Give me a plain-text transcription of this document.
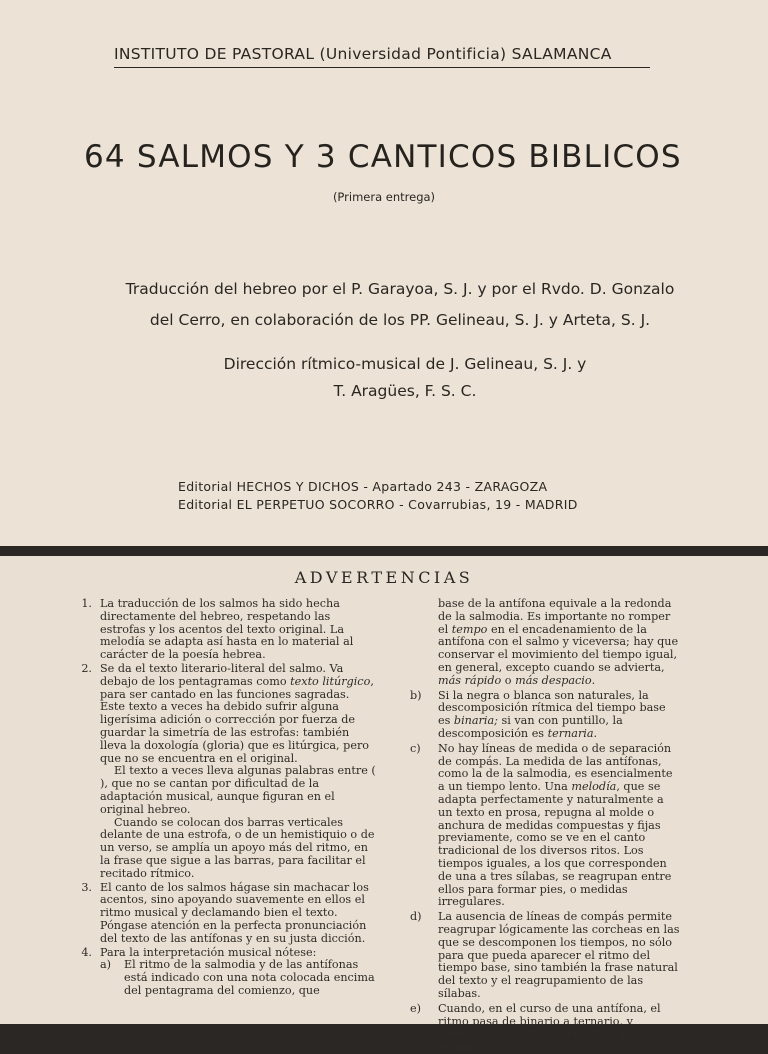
INSTITUTO DE PASTORAL (Universidad Pontificia) SALAMANCA
64 SALMOS Y 3 CANTICOS BIBLICOS
(Primera entrega)
Traducción del hebreo por el P. Garayoa, S. J. y por el Rvdo. D. Gonzalo
del Cerro, en colaboración de los PP. Gelineau, S. J. y Arteta, S. J.
Dirección rítmico-musical de J. Gelineau, S. J. y
T. Aragües, F. S. C.
Editorial HECHOS Y DICHOS - Apartado 243 - ZARAGOZA
Editorial EL PERPETUO SOCORRO - Covarrubias, 19 - MADRID
ADVERTENCIAS
1. La traducción de los salmos ha sido hecha directamente del hebreo, respetando las estrofas y los acentos del texto original. La melodía se adapta así hasta en lo material al carácter de la poesía hebrea.
2. Se da el texto literario-literal del salmo. Va debajo de los pentagramas como texto litúrgico, para ser cantado en las funciones sagradas. Este texto a veces ha debido sufrir alguna ligerísima adición o corrección por fuerza de guardar la simetría de las estrofas: también lleva la doxología (gloria) que es litúrgica, pero que no se encuentra en el original.

El texto a veces lleva algunas palabras entre ( ), que no se cantan por dificultad de la adaptación musical, aunque figuran en el original hebreo.

Cuando se colocan dos barras verticales delante de una estrofa, o de un hemistiquio o de un verso, se amplía un apoyo más del ritmo, en la frase que sigue a las barras, para facilitar el recitado rítmico.

3. El canto de los salmos hágase sin machacar los acentos, sino apoyando suavemente en ellos el ritmo musical y declamando bien el texto. Póngase atención en la perfecta pronunciación del texto de las antífonas y en su justa dicción.
4. Para la interpretación musical nótese:
a) El ritmo de la salmodia y de las antífonas está indicado con una nota colocada encima del pentagrama del comienzo, que
base de la antífona equivale a la redonda de la salmodia. Es importante no romper el tempo en el encadenamiento de la antífona con el salmo y viceversa; hay que conservar el movimiento del tiempo igual, en general, excepto cuando se advierta, más rápido o más despacio.
b) Si la negra o blanca son naturales, la descomposición rítmica del tiempo base es binaria; si van con puntillo, la descomposición es ternaria.
c) No hay líneas de medida o de separación de compás. La medida de las antífonas, como la de la salmodia, es esencialmente a un tiempo lento. Una melodía, que se adapta perfectamente y naturalmente a un texto en prosa, repugna al molde o anchura de medidas compuestas y fijas previamente, como se ve en el canto tradicional de los diversos ritos. Los tiempos iguales, a los que corresponden de una a tres sílabas, se reagrupan entre ellos para formar pies, o medidas irregulares.
d) La ausencia de líneas de compás permite reagrupar lógicamente las corcheas en las que se descomponen los tiempos, no sólo para que pueda aparecer el ritmo del tiempo base, sino también la frase natural del texto y el reagrupamiento de las sílabas.
e) Cuando, en el curso de una antífona, el ritmo pasa de binario a ternario, y viceversa, el cambio viene indicado encima
